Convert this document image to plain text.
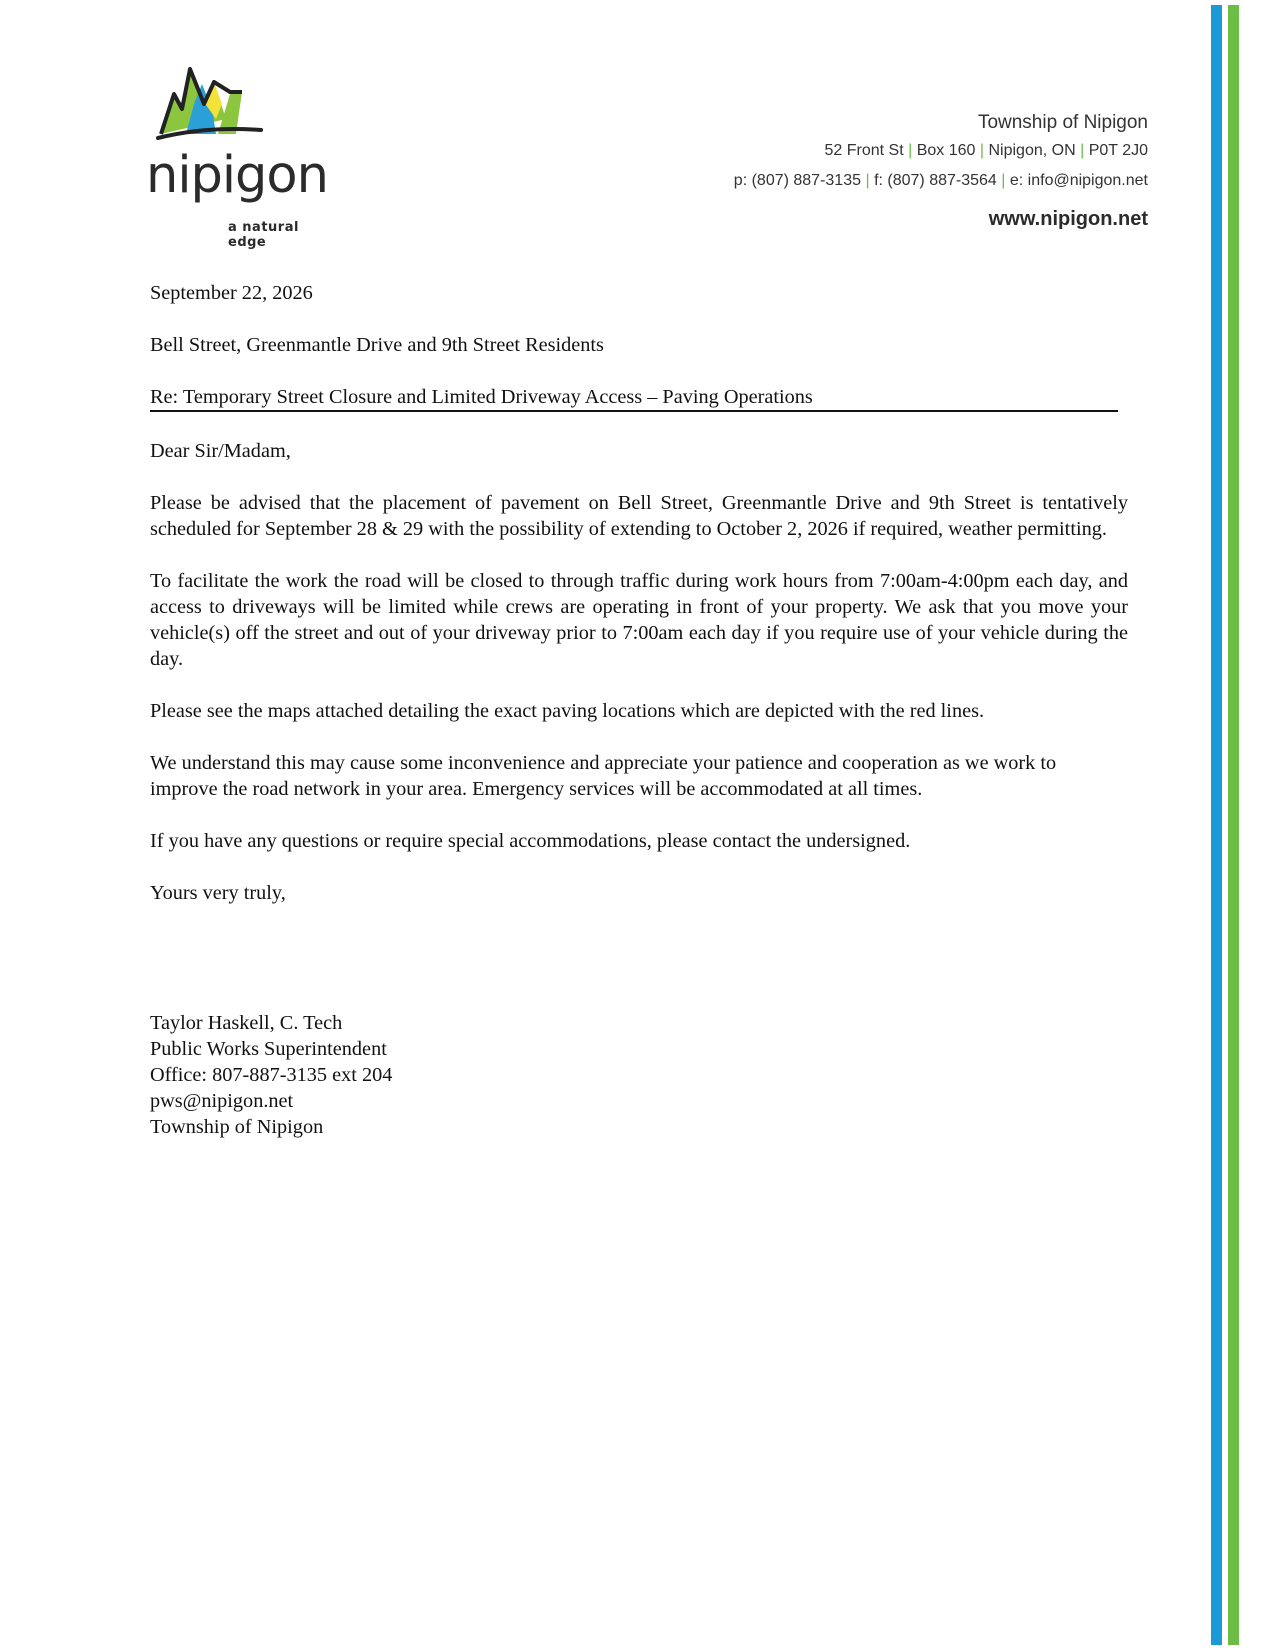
nipigon
a natural edge
Township of Nipigon
52 Front St | Box 160 | Nipigon, ON | P0T 2J0
p: (807) 887-3135 | f: (807) 887-3564 | e: info@nipigon.net
www.nipigon.net

September 22, 2026

Bell Street, Greenmantle Drive and 9th Street Residents

Re: Temporary Street Closure and Limited Driveway Access – Paving Operations

Dear Sir/Madam,

Please be advised that the placement of pavement on Bell Street, Greenmantle Drive and 9th Street is tentatively scheduled for September 28 & 29 with the possibility of extending to October 2, 2026 if required, weather permitting.

To facilitate the work the road will be closed to through traffic during work hours from 7:00am-4:00pm each day, and access to driveways will be limited while crews are operating in front of your property. We ask that you move your vehicle(s) off the street and out of your driveway prior to 7:00am each day if you require use of your vehicle during the day.

Please see the maps attached detailing the exact paving locations which are depicted with the red lines.

We understand this may cause some inconvenience and appreciate your patience and cooperation as we work to improve the road network in your area. Emergency services will be accommodated at all times.

If you have any questions or require special accommodations, please contact the undersigned.

Yours very truly,

Taylor Haskell, C. Tech

Public Works Superintendent

Office: 807-887-3135 ext 204

pws@nipigon.net

Township of Nipigon
